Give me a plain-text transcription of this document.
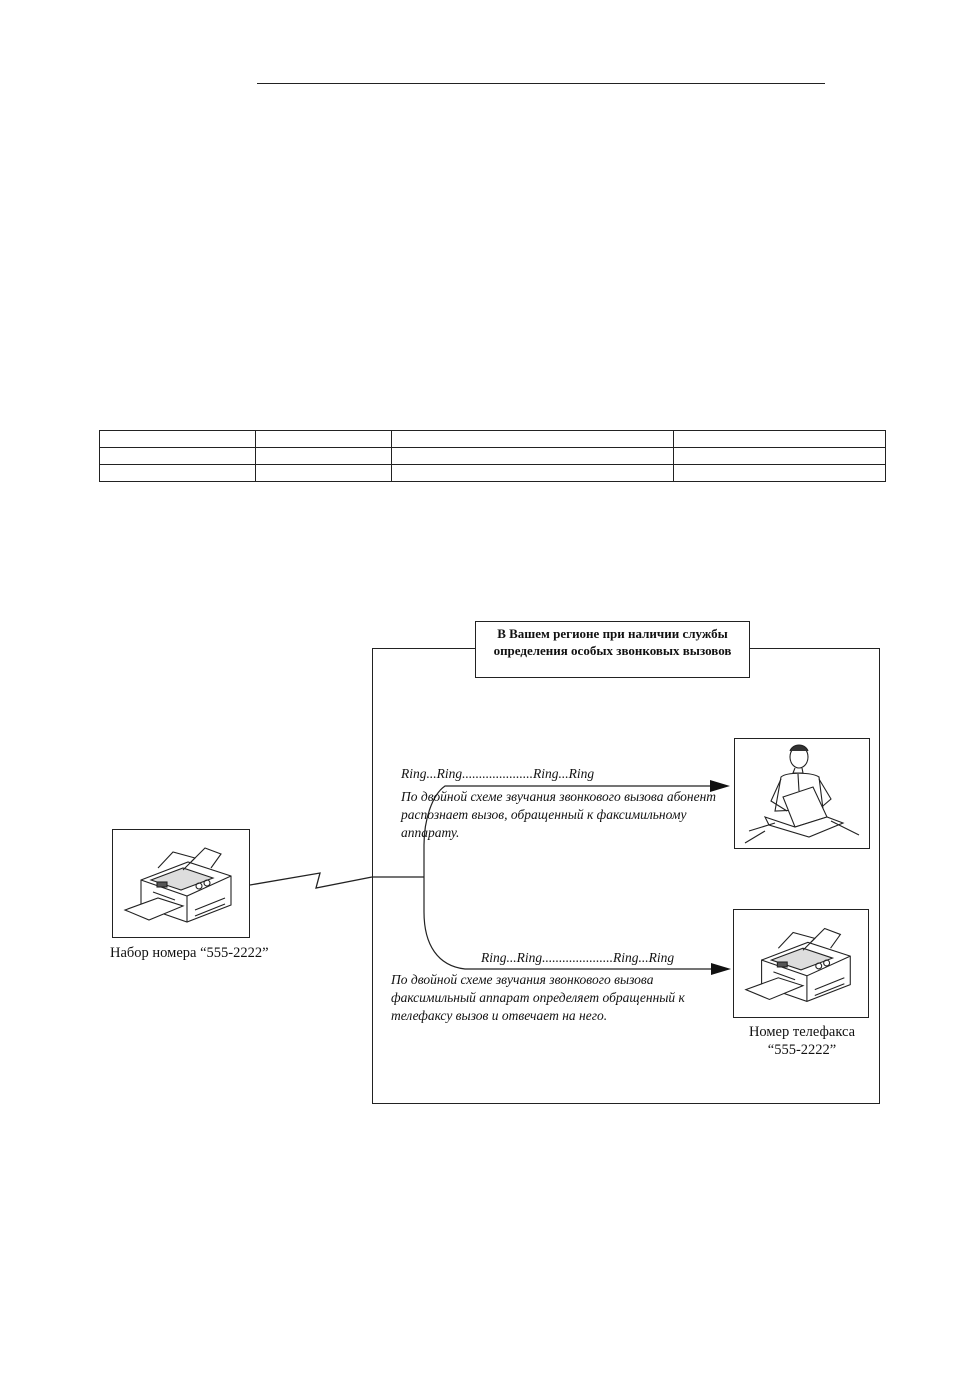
В Вашем регионе при наличии службы определения особых звонковых вызовов
Набор номера “555-2222”
Номер телефакса
“555-2222”
Ring...Ring.....................Ring...Ring
По двойной схеме звучания звонкового вызова абонент распознает вызов, обращенный к факсимильному аппарату.
Ring...Ring.....................Ring...Ring
По двойной схеме звучания звонкового вызова факсимильный аппарат определяет обращенный к телефаксу вызов и отвечает на него.
